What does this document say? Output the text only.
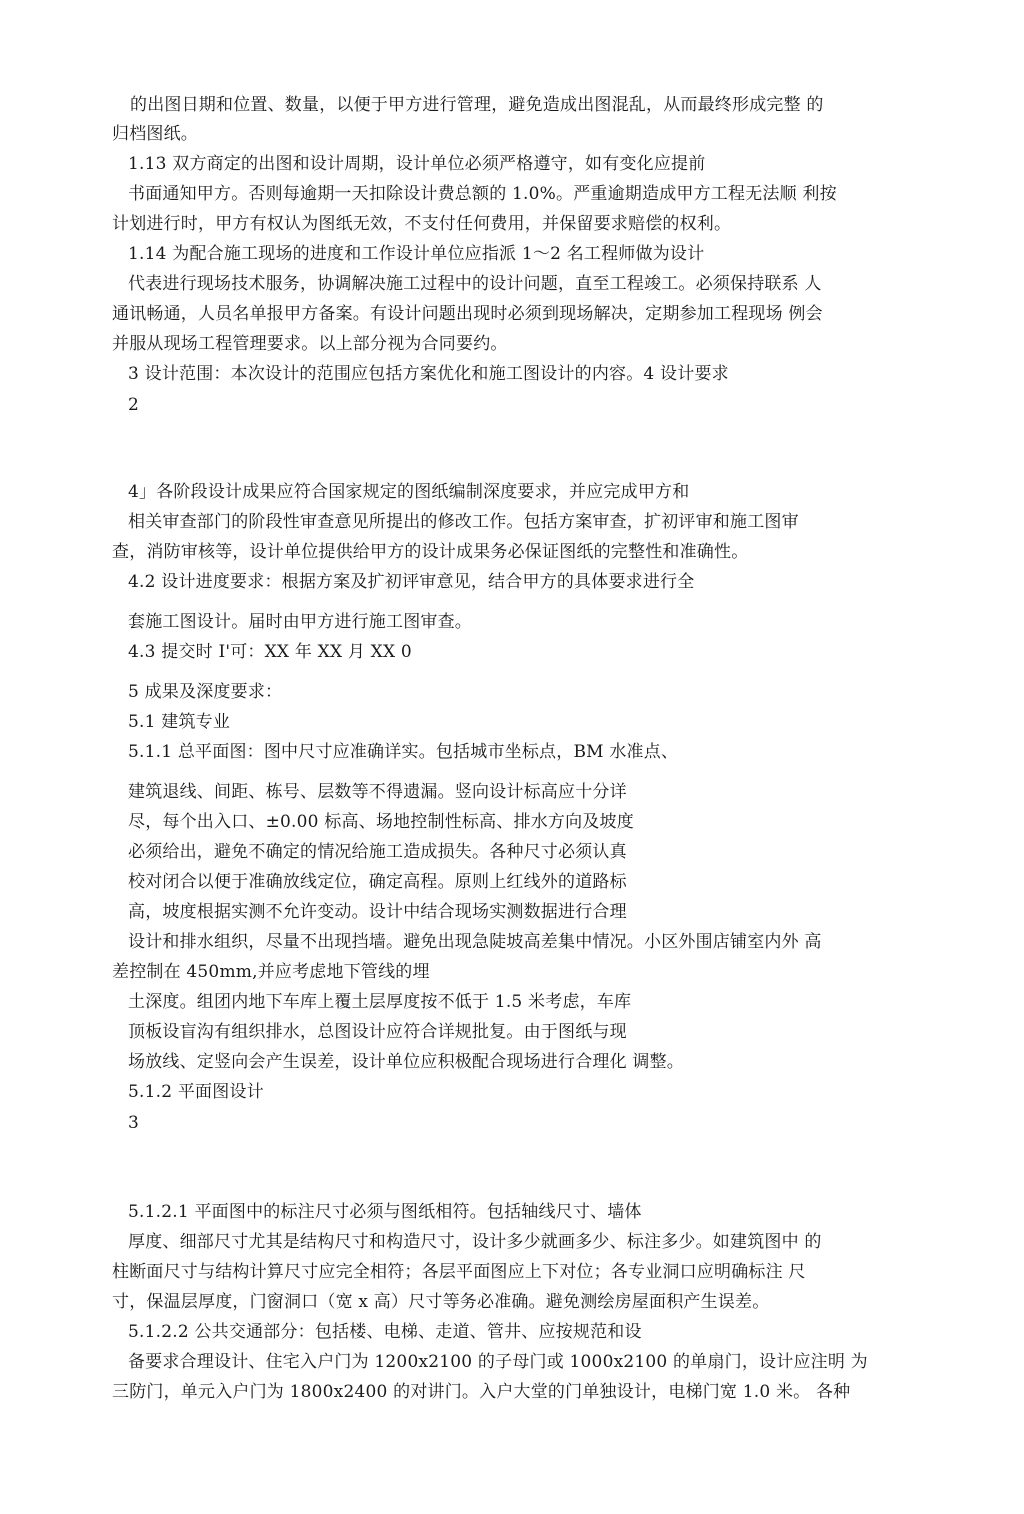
的出图日期和位置、数量，以便于甲方进行管理，避免造成出图混乱，从而最终形成完整 的
归档图纸。
1.13 双方商定的出图和设计周期，设计单位必须严格遵守，如有变化应提前
书面通知甲方。否则每逾期一天扣除设计费总额的 1.0%。严重逾期造成甲方工程无法顺 利按
计划进行时，甲方有权认为图纸无效，不支付任何费用，并保留要求赔偿的权利。
1.14 为配合施工现场的进度和工作设计单位应指派 1～2 名工程师做为设计
代表进行现场技术服务，协调解决施工过程中的设计问题，直至工程竣工。必须保持联系 人
通讯畅通，人员名单报甲方备案。有设计问题出现时必须到现场解决，定期参加工程现场 例会
并服从现场工程管理要求。以上部分视为合同要约。
3 设计范围：本次设计的范围应包括方案优化和施工图设计的内容。4 设计要求
2
4」各阶段设计成果应符合国家规定的图纸编制深度要求，并应完成甲方和
相关审查部门的阶段性审查意见所提出的修改工作。包括方案审查，扩初评审和施工图审
查，消防审核等，设计单位提供给甲方的设计成果务必保证图纸的完整性和准确性。
4.2 设计进度要求：根据方案及扩初评审意见，结合甲方的具体要求进行全
套施工图设计。届时由甲方进行施工图审查。
4.3 提交时 I'可：XX 年 XX 月 XX 0
5 成果及深度要求：
5.1 建筑专业
5.1.1 总平面图：图中尺寸应准确详实。包括城市坐标点，BM 水准点、
建筑退线、间距、栋号、层数等不得遗漏。竖向设计标高应十分详
尽，每个出入口、±0.00 标高、场地控制性标高、排水方向及坡度
必须给出，避免不确定的情况给施工造成损失。各种尺寸必须认真
校对闭合以便于准确放线定位，确定高程。原则上红线外的道路标
高，坡度根据实测不允许变动。设计中结合现场实测数据进行合理
设计和排水组织，尽量不出现挡墙。避免出现急陡坡高差集中情况。小区外围店铺室内外 高
差控制在 450mm,并应考虑地下管线的埋
土深度。组团内地下车库上覆土层厚度按不低于 1.5 米考虑，车库
顶板设盲沟有组织排水，总图设计应符合详规批复。由于图纸与现
场放线、定竖向会产生误差，设计单位应积极配合现场进行合理化 调整。
5.1.2 平面图设计
3
5.1.2.1 平面图中的标注尺寸必须与图纸相符。包括轴线尺寸、墙体
厚度、细部尺寸尤其是结构尺寸和构造尺寸，设计多少就画多少、标注多少。如建筑图中 的
柱断面尺寸与结构计算尺寸应完全相符；各层平面图应上下对位；各专业洞口应明确标注 尺
寸，保温层厚度，门窗洞口（宽 x 高）尺寸等务必准确。避免测绘房屋面积产生误差。
5.1.2.2 公共交通部分：包括楼、电梯、走道、管井、应按规范和设
备要求合理设计、住宅入户门为 1200x2100 的子母门或 1000x2100 的单扇门，设计应注明 为
三防门，单元入户门为 1800x2400 的对讲门。入户大堂的门单独设计，电梯门宽 1.0 米。 各种
